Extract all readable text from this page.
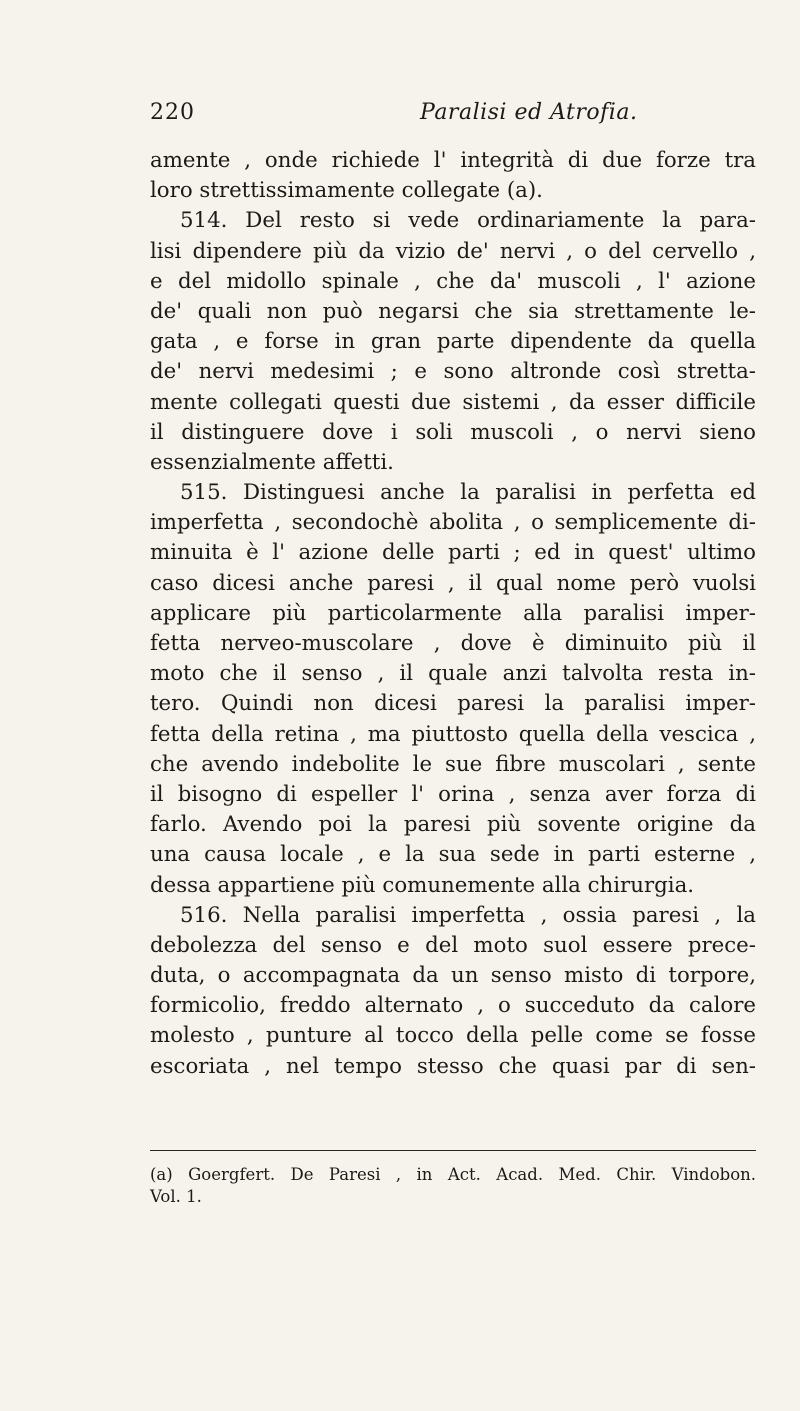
220	Paralisi ed Atrofia.
amente , onde richiede l' integrità di due forze tra
loro strettissimamente collegate (a).
514. Del resto si vede ordinariamente la para-
lisi dipendere più da vizio de' nervi , o del cervello ,
e del midollo spinale , che da' muscoli , l' azione
de' quali non può negarsi che sia strettamente le-
gata , e forse in gran parte dipendente da quella
de' nervi medesimi ; e sono altronde così stretta-
mente collegati questi due sistemi , da esser difficile
il distinguere dove i soli muscoli , o nervi sieno
essenzialmente affetti.
515. Distinguesi anche la paralisi in perfetta ed
imperfetta , secondochè abolita , o semplicemente di-
minuita è l' azione delle parti ; ed in quest' ultimo
caso dicesi anche paresi , il qual nome però vuolsi
applicare più particolarmente alla paralisi imper-
fetta nerveo-muscolare , dove è diminuito più il
moto che il senso , il quale anzi talvolta resta in-
tero. Quindi non dicesi paresi la paralisi imper-
fetta della retina , ma piuttosto quella della vescica ,
che avendo indebolite le sue fibre muscolari , sente
il bisogno di espeller l' orina , senza aver forza di
farlo. Avendo poi la paresi più sovente origine da
una causa locale , e la sua sede in parti esterne ,
dessa appartiene più comunemente alla chirurgia.
516. Nella paralisi imperfetta , ossia paresi , la
debolezza del senso e del moto suol essere prece-
duta, o accompagnata da un senso misto di torpore,
formicolio, freddo alternato , o succeduto da calore
molesto , punture al tocco della pelle come se fosse
escoriata , nel tempo stesso che quasi par di sen-
(a) Goergfert. De Paresi , in Act. Acad. Med. Chir. Vindobon.
Vol. 1.
